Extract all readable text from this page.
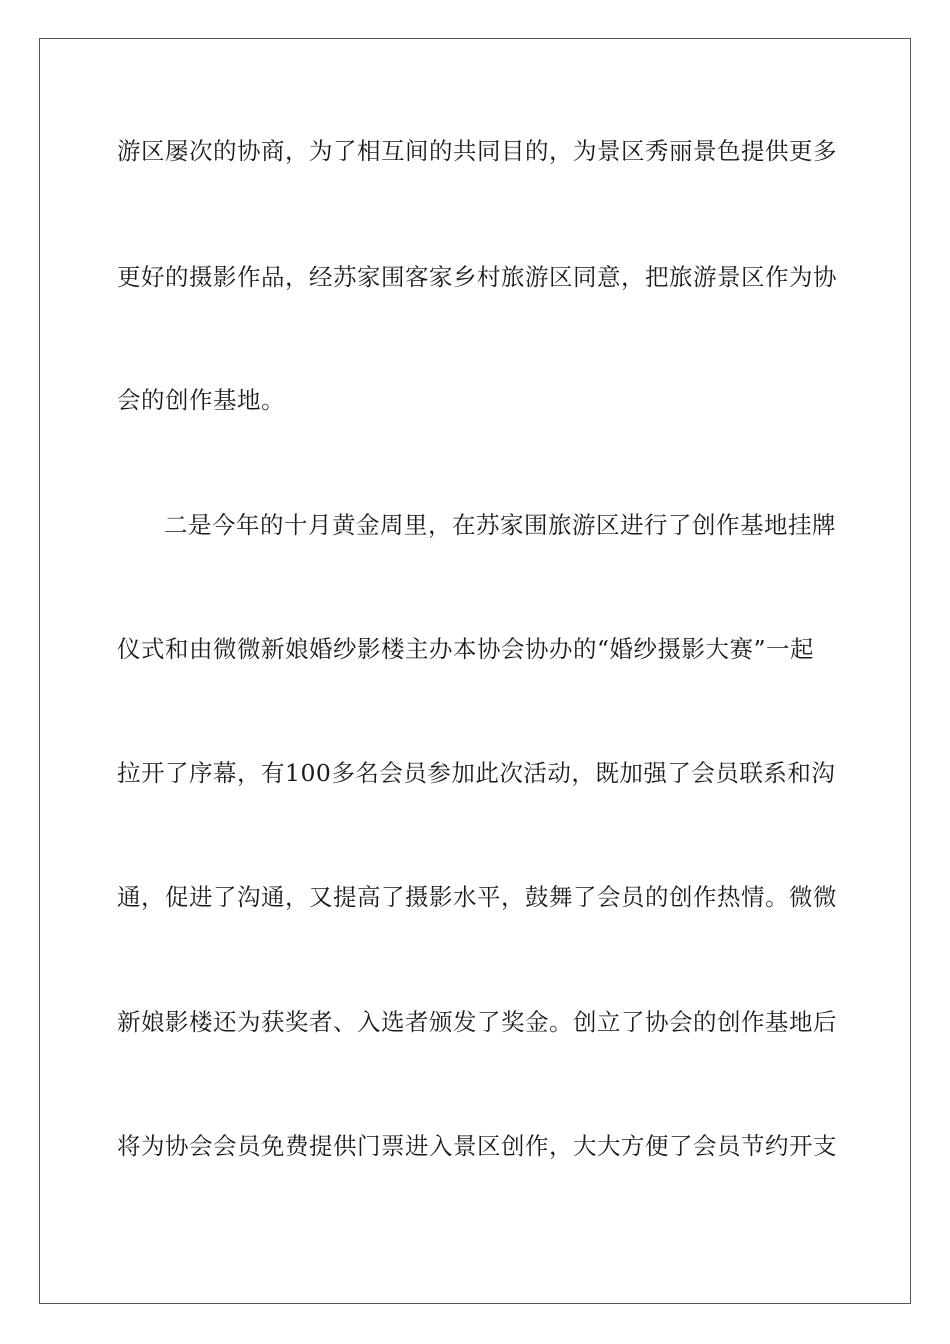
游区屡次的协商，为了相互间的共同目的，为景区秀丽景色提供更多
更好的摄影作品，经苏家围客家乡村旅游区同意，把旅游景区作为协
会的创作基地。
二是今年的十月黄金周里，在苏家围旅游区进行了创作基地挂牌
仪式和由微微新娘婚纱影楼主办本协会协办的“婚纱摄影大赛”一起
拉开了序幕，有100多名会员参加此次活动，既加强了会员联系和沟
通，促进了沟通，又提高了摄影水平，鼓舞了会员的创作热情。微微
新娘影楼还为获奖者、入选者颁发了奖金。创立了协会的创作基地后
将为协会会员免费提供门票进入景区创作，大大方便了会员节约开支
